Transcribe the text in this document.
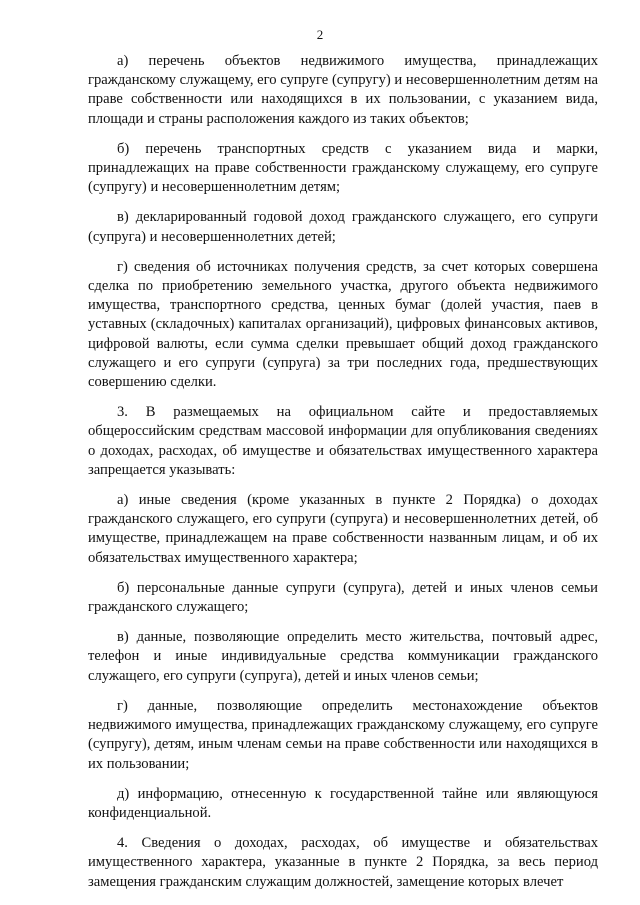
2

а) перечень объектов недвижимого имущества, принадлежащих гражданскому служащему, его супруге (супругу) и несовершеннолетним детям на праве собственности или находящихся в их пользовании, с указанием вида, площади и страны расположения каждого из таких объектов;

б) перечень транспортных средств с указанием вида и марки, принадлежащих на праве собственности гражданскому служащему, его супруге (супругу) и несовершеннолетним детям;

в) декларированный годовой доход гражданского служащего, его супруги (супруга) и несовершеннолетних детей;

г) сведения об источниках получения средств, за счет которых совершена сделка по приобретению земельного участка, другого объекта недвижимого имущества, транспортного средства, ценных бумаг (долей участия, паев в уставных (складочных) капиталах организаций), цифровых финансовых активов, цифровой валюты, если сумма сделки превышает общий доход гражданского служащего и его супруги (супруга) за три последних года, предшествующих совершению сделки.

3. В размещаемых на официальном сайте и предоставляемых общероссийским средствам массовой информации для опубликования сведениях о доходах, расходах, об имуществе и обязательствах имущественного характера запрещается указывать:

а) иные сведения (кроме указанных в пункте 2 Порядка) о доходах гражданского служащего, его супруги (супруга) и несовершеннолетних детей, об имуществе, принадлежащем на праве собственности названным лицам, и об их обязательствах имущественного характера;

б) персональные данные супруги (супруга), детей и иных членов семьи гражданского служащего;

в) данные, позволяющие определить место жительства, почтовый адрес, телефон и иные индивидуальные средства коммуникации гражданского служащего, его супруги (супруга), детей и иных членов семьи;

г) данные, позволяющие определить местонахождение объектов недвижимого имущества, принадлежащих гражданскому служащему, его супруге (супругу), детям, иным членам семьи на праве собственности или находящихся в их пользовании;

д) информацию, отнесенную к государственной тайне или являющуюся конфиденциальной.

4. Сведения о доходах, расходах, об имуществе и обязательствах имущественного характера, указанные в пункте 2 Порядка, за весь период замещения гражданским служащим должностей, замещение которых влечет
